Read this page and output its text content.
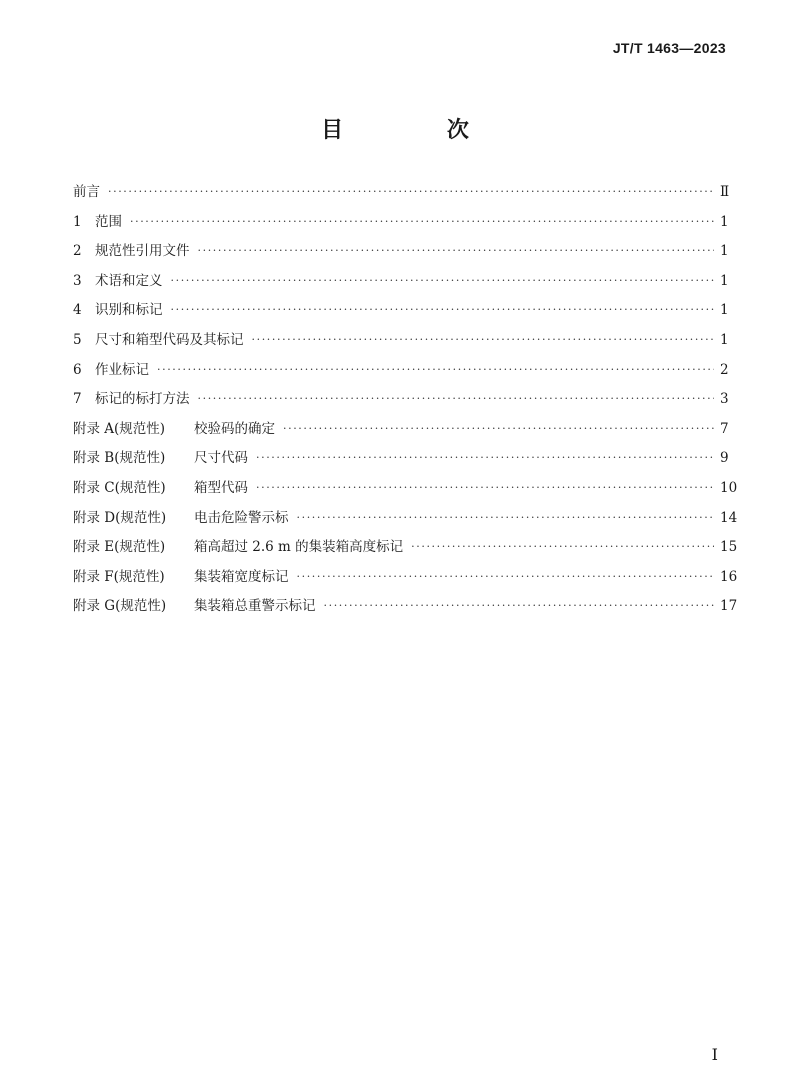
JT/T 1463—2023
目 次
前言 ·····	Ⅱ
1 范围 ·····	1
2 规范性引用文件 ·····	1
3 术语和定义 ·····	1
4 识别和标记 ·····	1
5 尺寸和箱型代码及其标记 ·····	1
6 作业标记 ·····	2
7 标记的标打方法 ·····	3
附录 A(规范性) 校验码的确定 ·····	7
附录 B(规范性) 尺寸代码 ·····	9
附录 C(规范性) 箱型代码 ·····	10
附录 D(规范性) 电击危险警示标 ·····	14
附录 E(规范性) 箱高超过 2.6 m 的集装箱高度标记 ·····	15
附录 F(规范性) 集装箱宽度标记 ·····	16
附录 G(规范性) 集装箱总重警示标记 ·····	17
I
